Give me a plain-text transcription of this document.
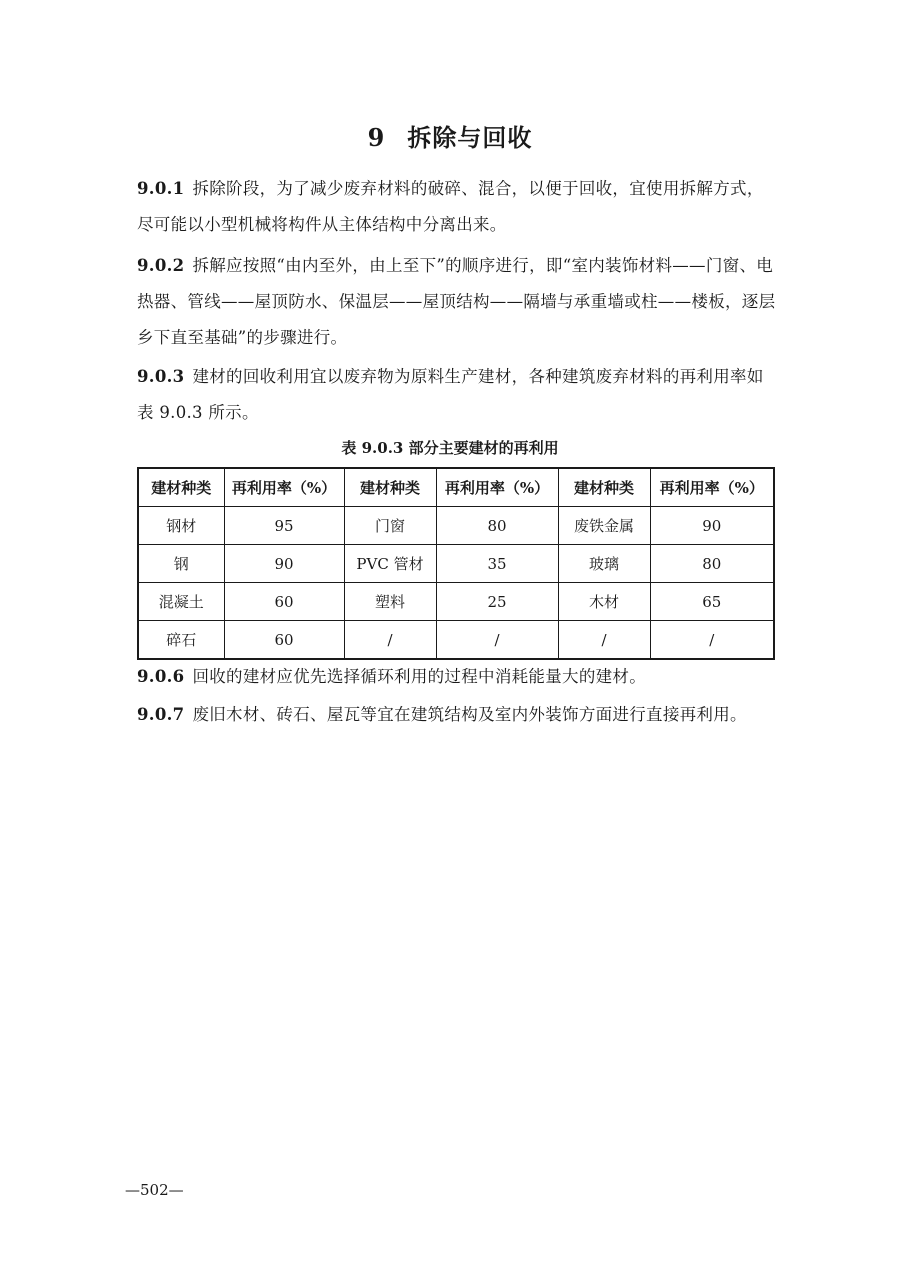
9 拆除与回收
9.0.1 拆除阶段，为了减少废弃材料的破碎、混合，以便于回收，宜使用拆解方式，尽可能以小型机械将构件从主体结构中分离出来。
9.0.2 拆解应按照“由内至外，由上至下”的顺序进行，即“室内装饰材料——门窗、电热器、管线——屋顶防水、保温层——屋顶结构——隔墙与承重墙或柱——楼板，逐层乡下直至基础”的步骤进行。
9.0.3 建材的回收利用宜以废弃物为原料生产建材，各种建筑废弃材料的再利用率如表 9.0.3 所示。
表 9.0.3 部分主要建材的再利用
建材种类	再利用率（%）	建材种类	再利用率（%）	建材种类	再利用率（%）
钢材	95	门窗	80	废铁金属	90
钢	90	PVC 管材	35	玻璃	80
混凝土	60	塑料	25	木材	65
碎石	60	/	/	/	/
9.0.6 回收的建材应优先选择循环利用的过程中消耗能量大的建材。
9.0.7 废旧木材、砖石、屋瓦等宜在建筑结构及室内外装饰方面进行直接再利用。
—502—
